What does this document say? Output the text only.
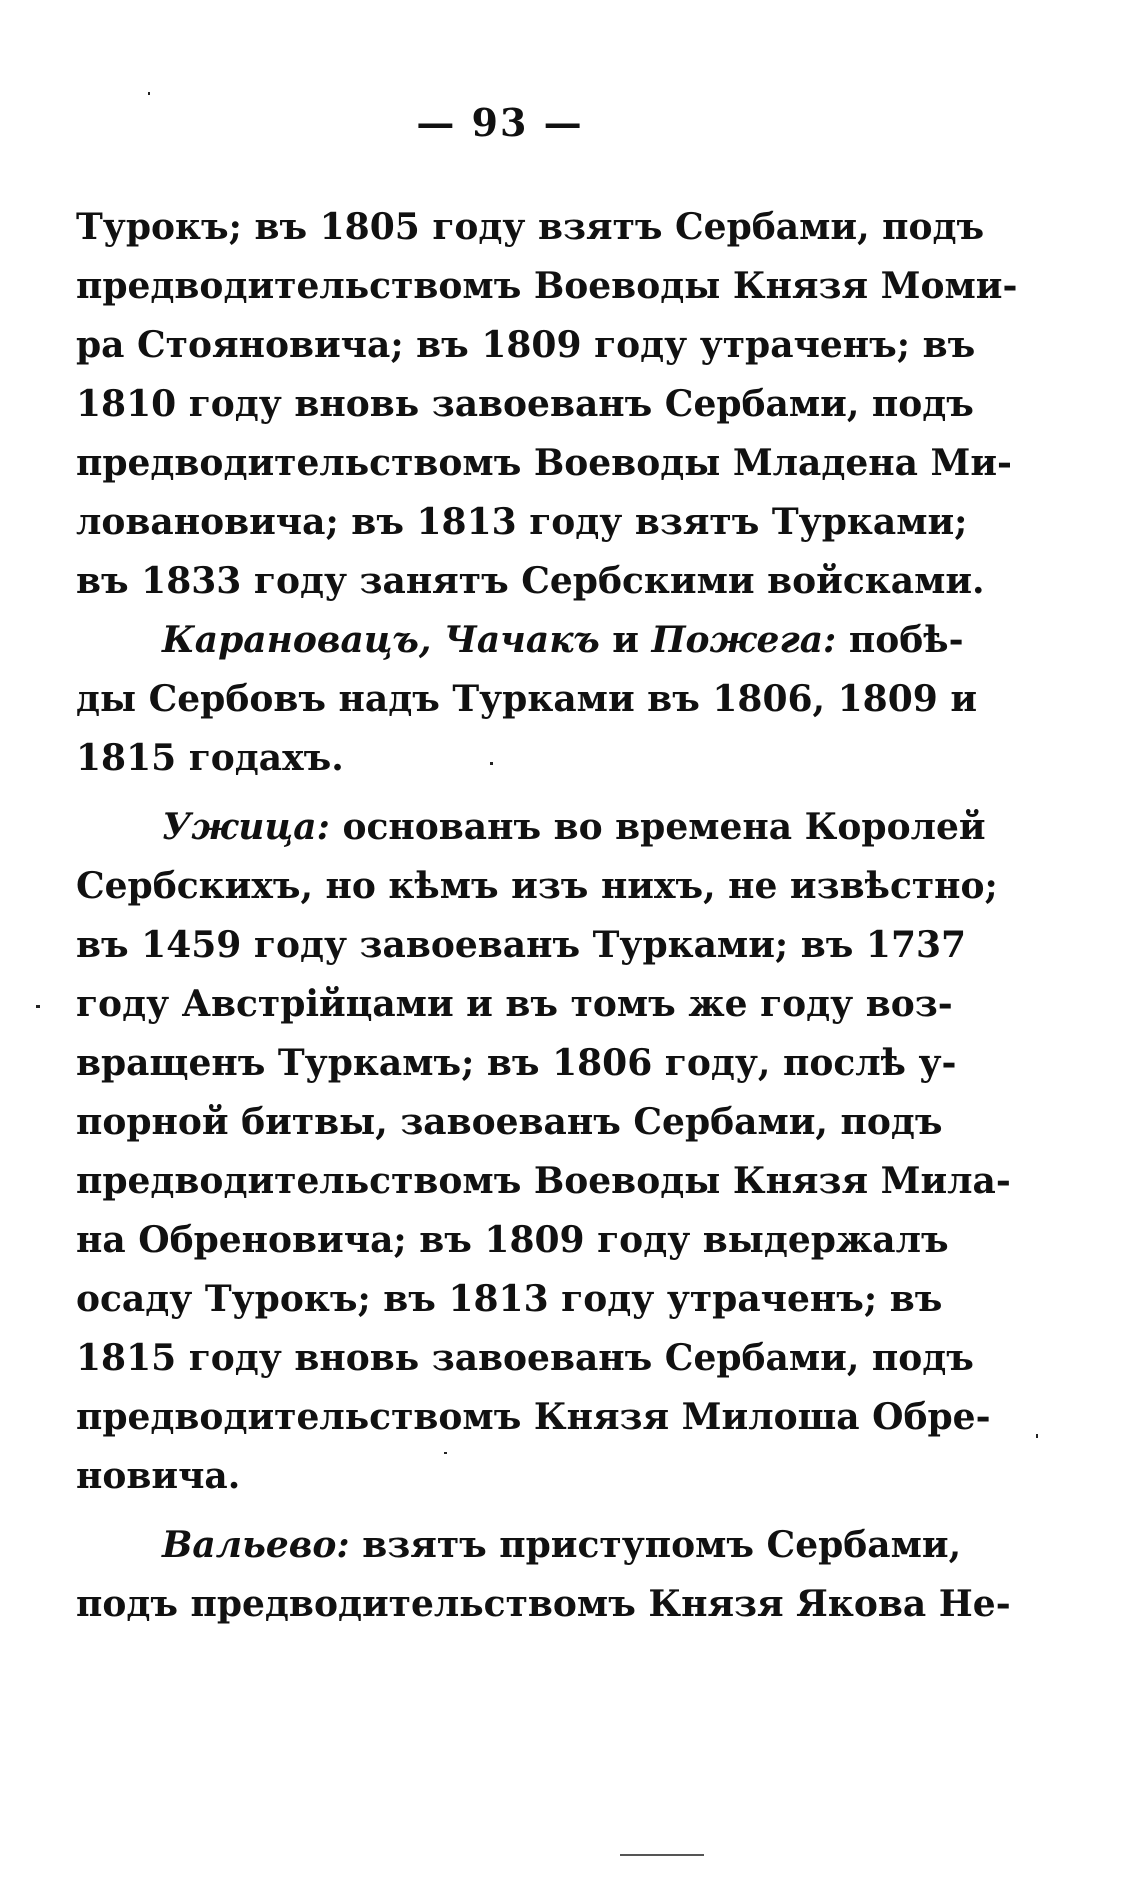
— 93 —
Турокъ; въ 1805 году взятъ Сербами, подъ
предводительствомъ Воеводы Князя Моми-
ра Стояновича; въ 1809 году утраченъ; въ
1810 году вновь завоеванъ Сербами, подъ
предводительствомъ Воеводы Младена Ми-
лoвановича; въ 1813 году взятъ Турками;
въ 1833 году занятъ Сербскими войсками.
Карановацъ, Чачакъ и Пожега: побѣ-
ды Сербовъ надъ Турками въ 1806, 1809 и
1815 годахъ.
Ужица: основанъ во времена Королей
Сербскихъ, но кѣмъ изъ нихъ, не извѣстно;
въ 1459 году завоеванъ Турками; въ 1737
году Австрійцами и въ томъ же году воз-
вращенъ Туркамъ; въ 1806 году, послѣ у-
порной битвы, завоеванъ Сербами, подъ
предводительствомъ Воеводы Князя Мила-
на Обреновича; въ 1809 году выдержалъ
осаду Турокъ; въ 1813 году утраченъ; въ
1815 году вновь завоеванъ Сербами, подъ
предводительствомъ Князя Милоша Обре-
новича.
Вальево: взятъ приступомъ Сербами,
подъ предводительствомъ Князя Якова Не-
